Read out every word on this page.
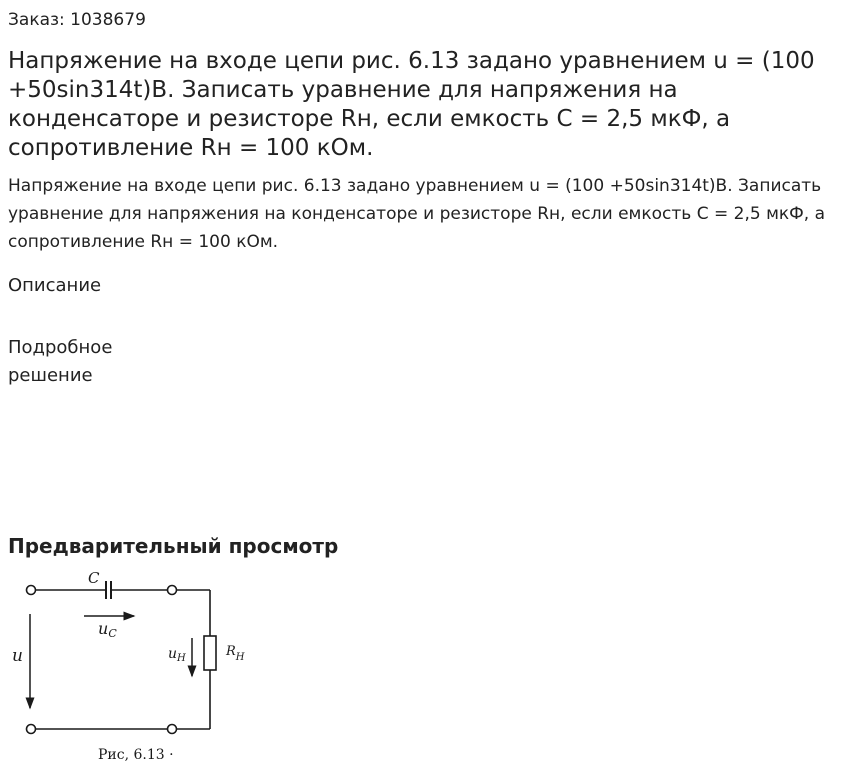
Заказ: 1038679
Напряжение на входе цепи рис. 6.13 задано уравнением u = (100 +50sin314t)В. Записать уравнение для напряжения на конденсаторе и резисторе Rн, если емкость С = 2,5 мкФ, а сопротивление Rн = 100 кОм.

Напряжение на входе цепи рис. 6.13 задано уравнением u = (100 +50sin314t)В. Записать уравнение для напряжения на конденсаторе и резисторе Rн, если емкость С = 2,5 мкФ, а сопротивление Rн = 100 кОм.

Описание
Подробное решение
Предварительный просмотр
C
uC
u	$u_H$	$R_H$
Рис, 6.13 ·
